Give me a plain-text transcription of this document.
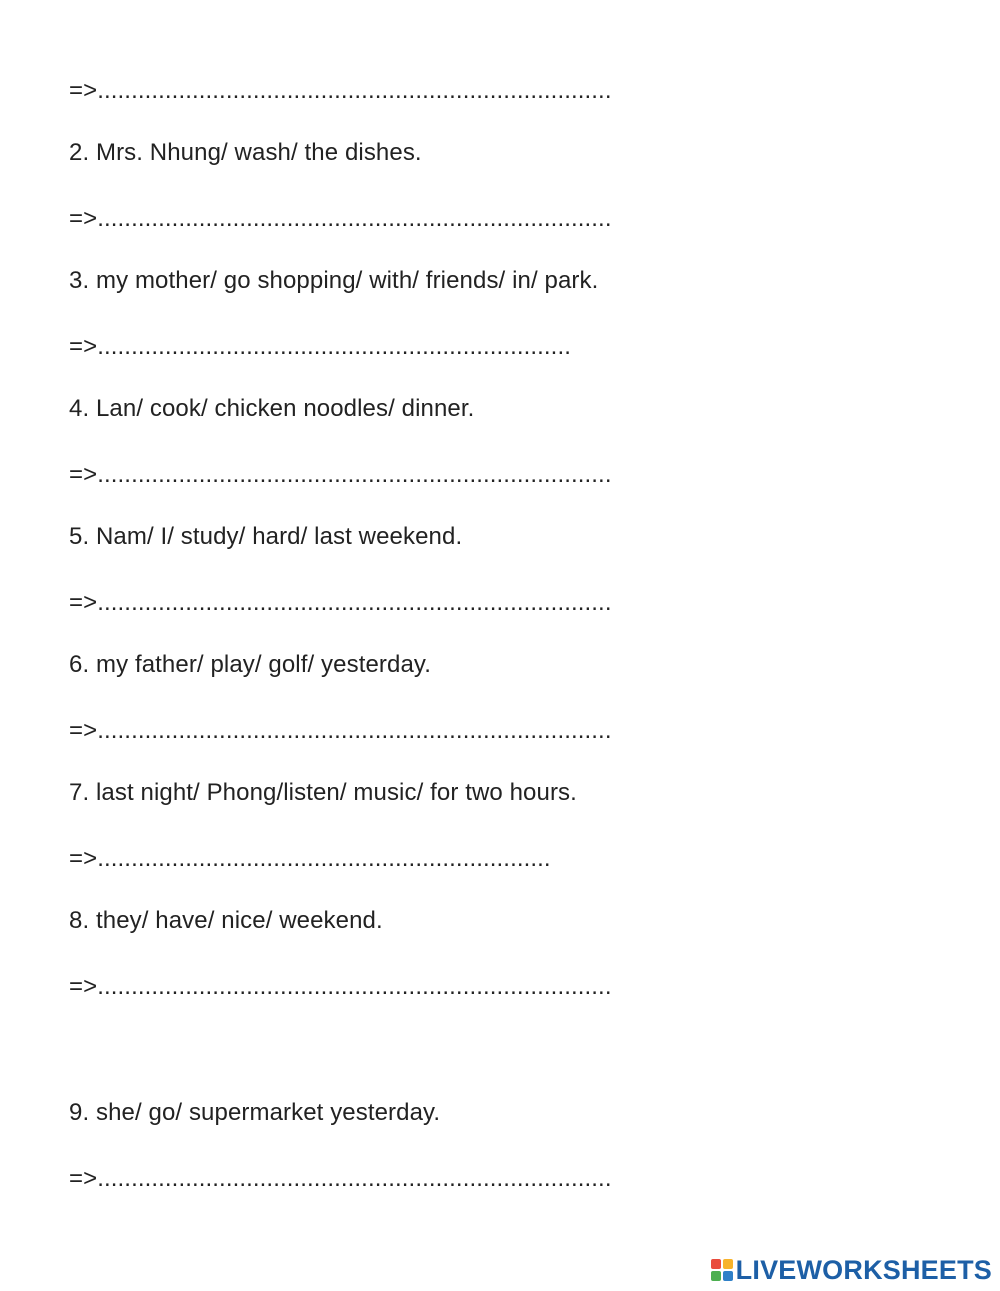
=>............................................................................
2. Mrs. Nhung/ wash/ the dishes.
=>............................................................................
3. my mother/ go shopping/ with/ friends/ in/ park.
=>......................................................................
4. Lan/ cook/ chicken noodles/ dinner.
=>............................................................................
5. Nam/ I/ study/ hard/ last weekend.
=>............................................................................
6. my father/ play/ golf/ yesterday.
=>............................................................................
7. last night/ Phong/listen/ music/ for two hours.
=>...................................................................
8. they/ have/ nice/ weekend.
=>............................................................................
9. she/ go/ supermarket yesterday.
=>............................................................................
LIVEWORKSHEETS
